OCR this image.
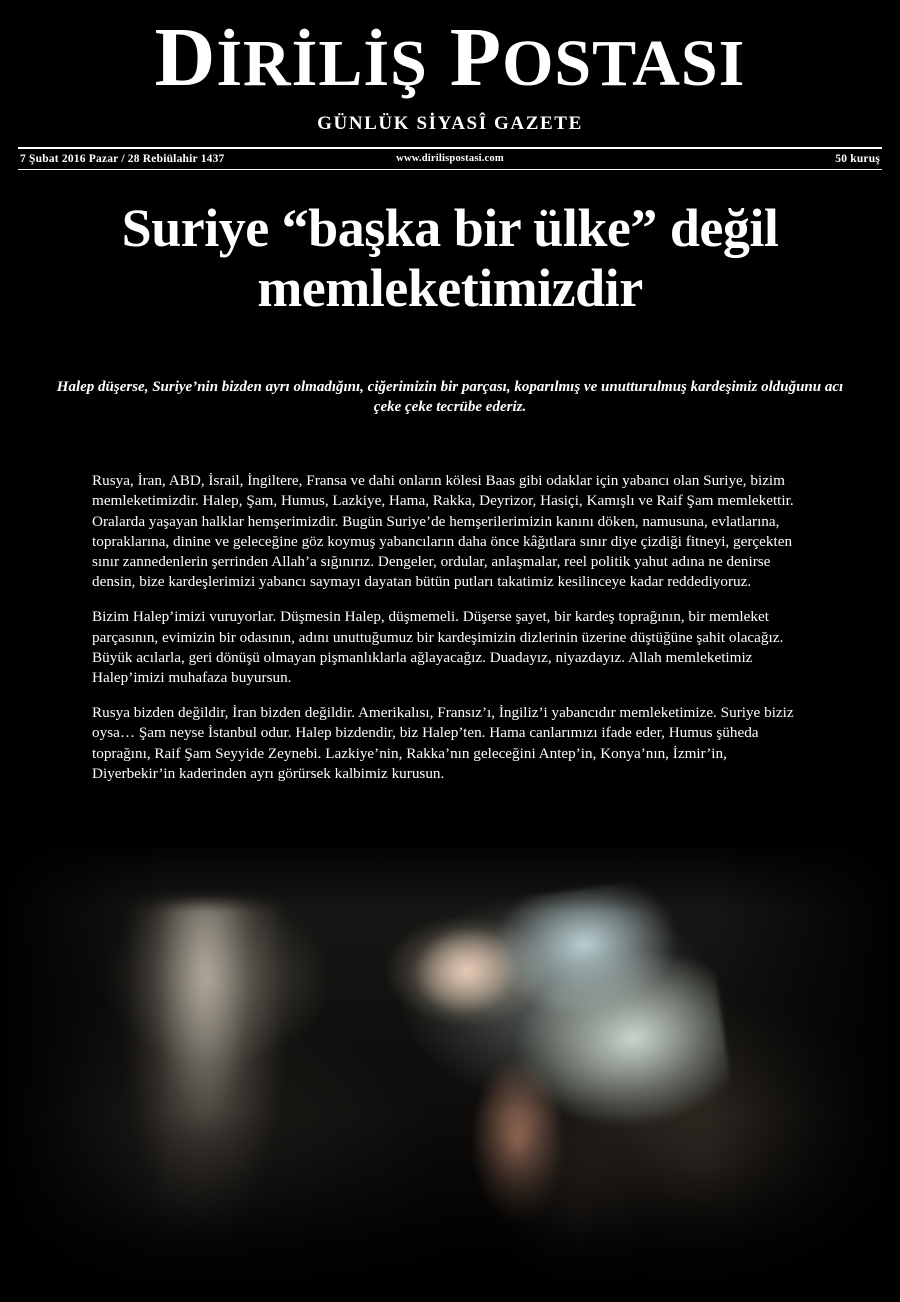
DİRİLİŞ POSTASI
GÜNLÜK SİYASÎ GAZETE
7 Şubat 2016 Pazar / 28 Rebiülahir 1437	www.dirilispostasi.com	50 kuruş
Suriye “başka bir ülke” değil
memleketimizdir
Halep düşerse, Suriye’nin bizden ayrı olmadığını, ciğerimizin bir parçası, koparılmış ve unutturulmuş kardeşimiz olduğunu acı çeke çeke tecrübe ederiz.

Rusya, İran, ABD, İsrail, İngiltere, Fransa ve dahi onların kölesi Baas gibi odaklar için yabancı olan Suriye, bizim memleketimizdir. Halep, Şam, Humus, Lazkiye, Hama, Rakka, Deyrizor, Hasiçi, Kamışlı ve Raif Şam memlekettir. Oralarda yaşayan halklar hemşerimizdir. Bugün Suriye’de hemşerilerimizin kanını döken, namusuna, evlatlarına, topraklarına, dinine ve geleceğine göz koymuş yabancıların daha önce kâğıtlara sınır diye çizdiği fitneyi, gerçekten sınır zannedenlerin şerrinden Allah’a sığınırız. Dengeler, ordular, anlaşmalar, reel politik yahut adına ne denirse densin, bize kardeşlerimizi yabancı saymayı dayatan bütün putları takatimiz kesilinceye kadar reddediyoruz.

Bizim Halep’imizi vuruyorlar. Düşmesin Halep, düşmemeli. Düşerse şayet, bir kardeş toprağının, bir memleket parçasının, evimizin bir odasının, adını unuttuğumuz bir kardeşimizin dizlerinin üzerine düştüğüne şahit olacağız. Büyük acılarla, geri dönüşü olmayan pişmanlıklarla ağlayacağız. Duadayız, niyazdayız. Allah memleketimiz Halep’imizi muhafaza buyursun.

Rusya bizden değildir, İran bizden değildir. Amerikalısı, Fransız’ı, İngiliz’i yabancıdır memleketimize. Suriye biziz oysa… Şam neyse İstanbul odur. Halep bizdendir, biz Halep’ten. Hama canlarımızı ifade eder, Humus şüheda toprağını, Raif Şam Seyyide Zeynebi. Lazkiye’nin, Rakka’nın geleceğini Antep’in, Konya’nın, İzmir’in, Diyerbekir’in kaderinden ayrı görürsek kalbimiz kurusun.
